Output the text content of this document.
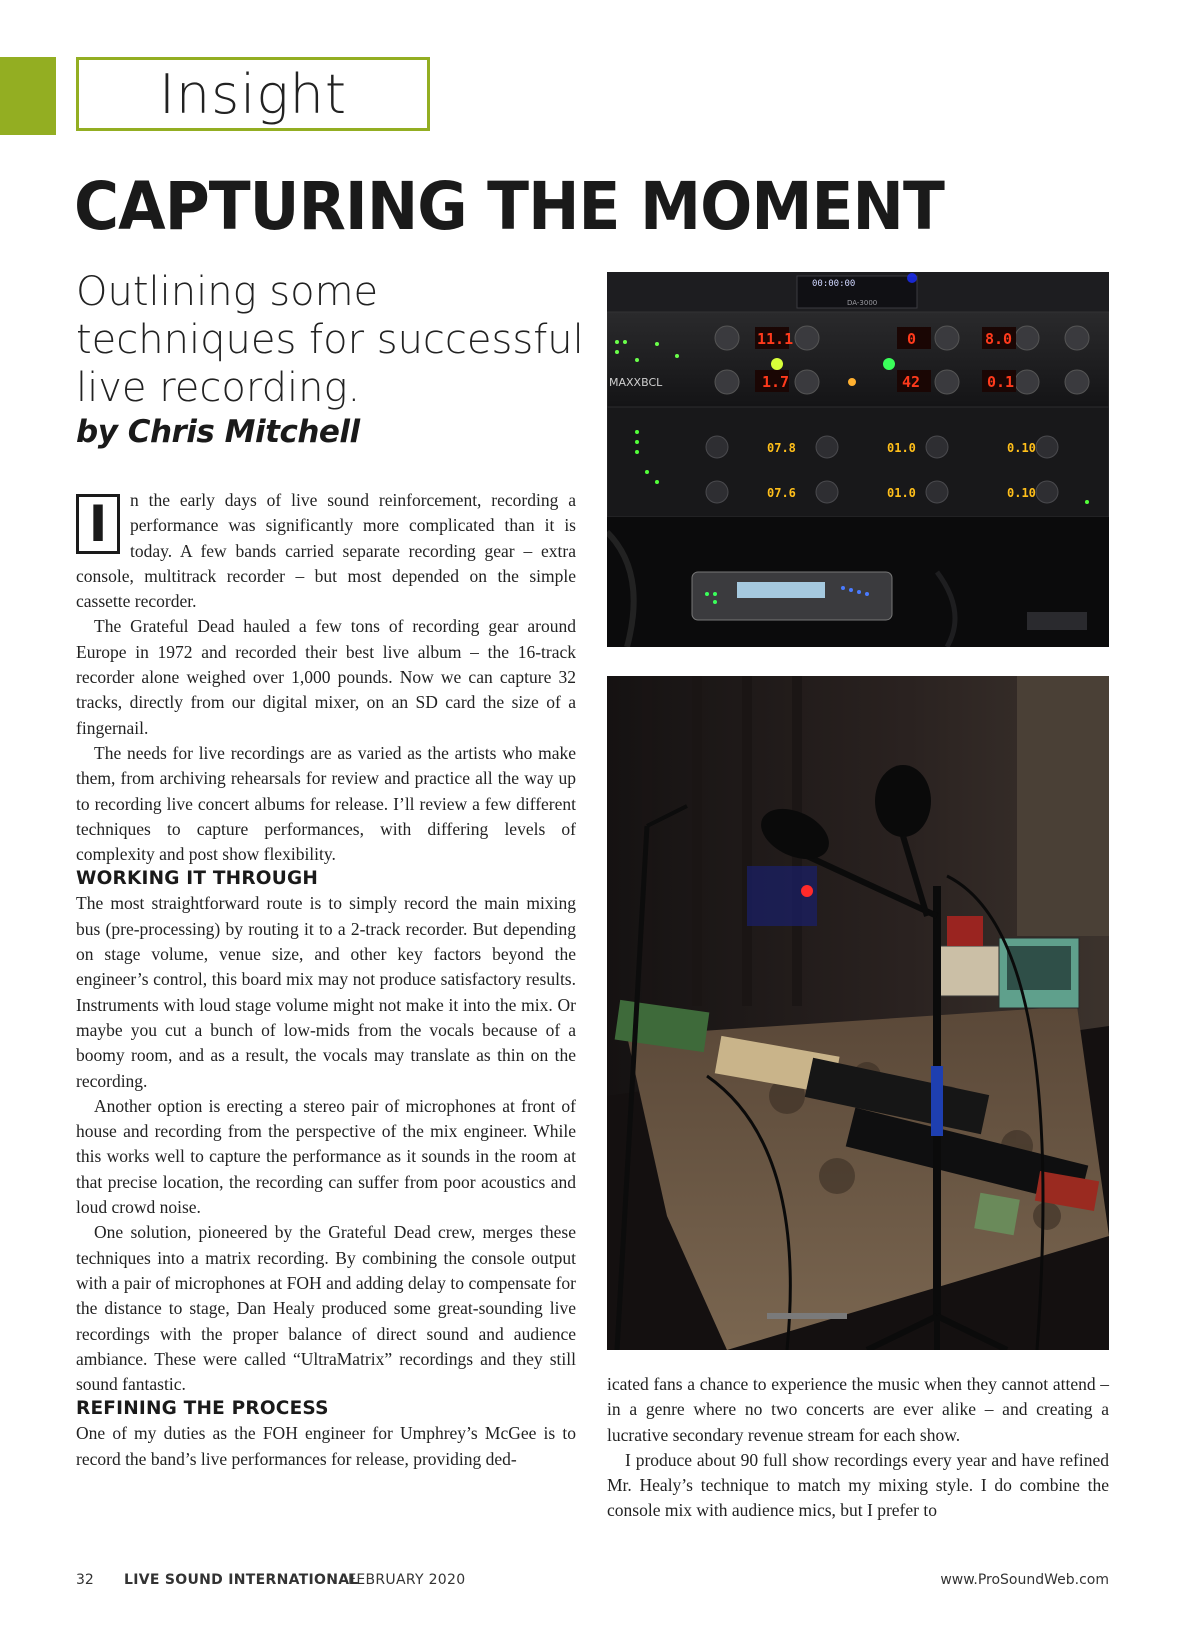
Insight
CAPTURING THE MOMENT
Outlining some techniques for successful live recording.
by Chris Mitchell

I	n the early days of live sound reinforcement, recording a performance was significantly more complicated than it is today. A few bands carried separate recording gear – extra console, multitrack recorder – but most depended on the simple cassette recorder.

The Grateful Dead hauled a few tons of recording gear around Europe in 1972 and recorded their best live album – the 16-track recorder alone weighed over 1,000 pounds. Now we can capture 32 tracks, directly from our digital mixer, on an SD card the size of a fingernail.

The needs for live recordings are as varied as the artists who make them, from archiving rehearsals for review and practice all the way up to recording live concert albums for release. I’ll review a few different techniques to capture performances, with differing levels of complexity and post show flexibility.

WORKING IT THROUGH

The most straightforward route is to simply record the main mixing bus (pre-processing) by routing it to a 2-track recorder. But depending on stage volume, venue size, and other key factors beyond the engineer’s control, this board mix may not produce satisfactory results. Instruments with loud stage volume might not make it into the mix. Or maybe you cut a bunch of low-mids from the vocals because of a boomy room, and as a result, the vocals may translate as thin on the recording.

Another option is erecting a stereo pair of microphones at front of house and recording from the perspective of the mix engineer. While this works well to capture the performance as it sounds in the room at that precise location, the recording can suffer from poor acoustics and loud crowd noise.

One solution, pioneered by the Grateful Dead crew, merges these techniques into a matrix recording. By combining the console output with a pair of microphones at FOH and adding delay to compensate for the distance to stage, Dan Healy produced some great-sounding live recordings with the proper balance of direct sound and audience ambiance. These were called “UltraMatrix” recordings and they still sound fantastic.

REFINING THE PROCESS

One of my duties as the FOH engineer for Umphrey’s McGee is to record the band’s live performances for release, providing ded-

00:00:00
DA-3000
MAXXBCL
11.1	0	8.0
1.7	42	0.1
07.8	01.0	0.10
07.6	01.0	0.10

icated fans a chance to experience the music when they cannot attend – in a genre where no two concerts are ever alike – and creating a lucrative secondary revenue stream for each show.

I produce about 90 full show recordings every year and have refined Mr. Healy’s technique to match my mixing style. I do combine the console mix with audience mics, but I prefer to

32 LIVE SOUND INTERNATIONAL
FEBRUARY 2020	www.ProSoundWeb.com
